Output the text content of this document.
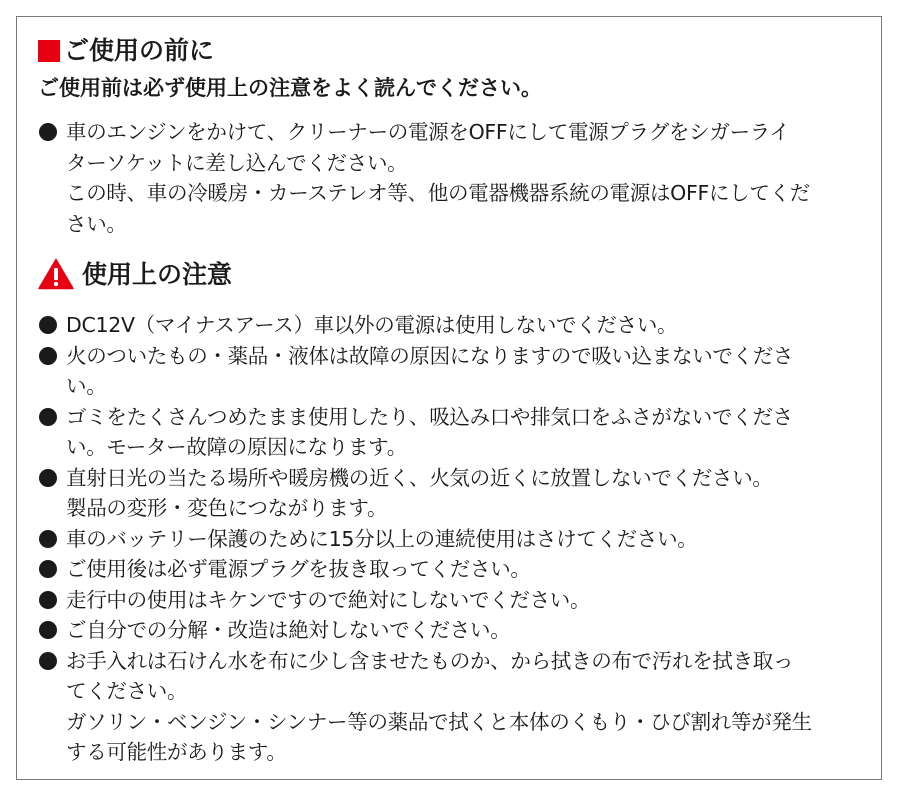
ご使用の前に
ご使用前は必ず使用上の注意をよく読んでください。
車のエンジンをかけて、クリーナーの電源をOFFにして電源プラグをシガーライ
ターソケットに差し込んでください。
この時、車の冷暖房・カーステレオ等、他の電器機器系統の電源はOFFにしてくだ
さい。
使用上の注意
DC12V（マイナスアース）車以外の電源は使用しないでください。
火のついたもの・薬品・液体は故障の原因になりますので吸い込まないでくださ
い。
ゴミをたくさんつめたまま使用したり、吸込み口や排気口をふさがないでくださ
い。モーター故障の原因になります。
直射日光の当たる場所や暖房機の近く、火気の近くに放置しないでください。
製品の変形・変色につながります。
車のバッテリー保護のために15分以上の連続使用はさけてください。
ご使用後は必ず電源プラグを抜き取ってください。
走行中の使用はキケンですので絶対にしないでください。
ご自分での分解・改造は絶対しないでください。
お手入れは石けん水を布に少し含ませたものか、から拭きの布で汚れを拭き取っ
てください。
ガソリン・ベンジン・シンナー等の薬品で拭くと本体のくもり・ひび割れ等が発生
する可能性があります。
